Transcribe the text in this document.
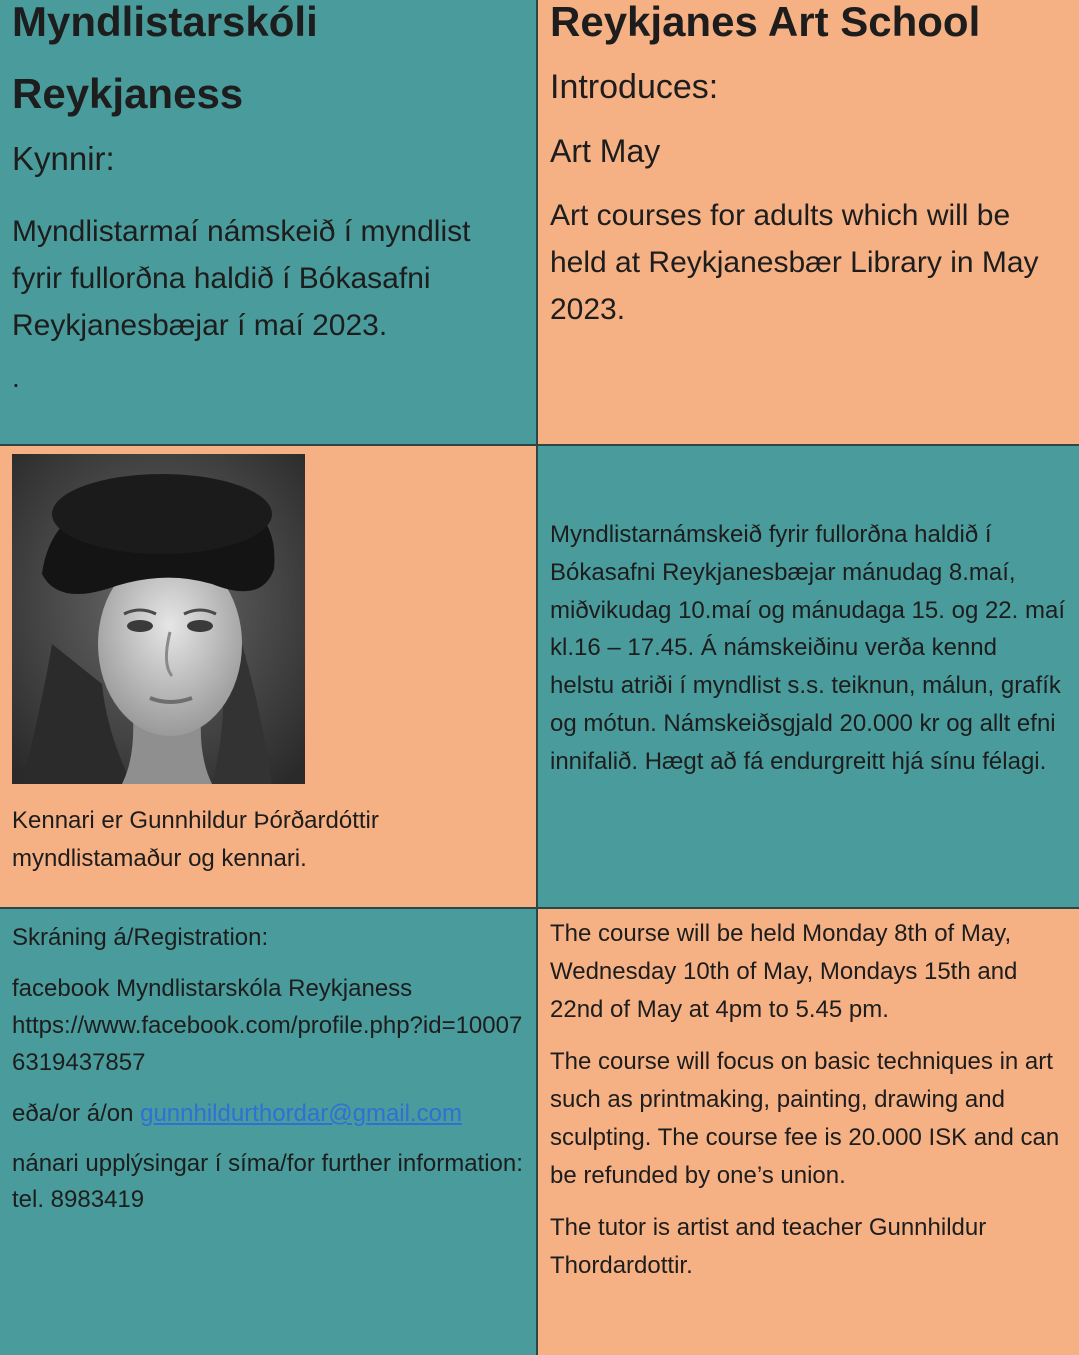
Myndlistarskóli

Reykjaness

Kynnir:

Myndlistarmaí námskeið í myndlist fyrir fullorðna haldið í Bókasafni Reykjanesbæjar í maí 2023.

.

Reykjanes Art School

Introduces:

Art May

Art courses for adults which will be held at Reykjanesbær Library in May 2023.

Kennari er Gunnhildur Þórðardóttir myndlistamaður og kennari.

Myndlistarnámskeið fyrir fullorðna haldið í Bókasafni Reykjanesbæjar mánudag 8.maí, miðvikudag 10.maí og mánudaga 15. og 22. maí kl.16 – 17.45. Á námskeiðinu verða kennd helstu atriði í myndlist s.s. teiknun, málun, grafík og mótun. Námskeiðsgjald 20.000 kr og allt efni innifalið. Hægt að fá endurgreitt hjá sínu félagi.

Skráning á/Registration:

facebook Myndlistarskóla Reykjaness

https://www.facebook.com/profile.php?id=100076319437857

eða/or á/on gunnhildurthordar@gmail.com

nánari upplýsingar í síma/for further information: tel. 8983419

The course will be held Monday 8th of May, Wednesday 10th of May, Mondays 15th and 22nd of May at 4pm to 5.45 pm.

The course will focus on basic techniques in art such as printmaking, painting, drawing and sculpting. The course fee is 20.000 ISK and can be refunded by one’s union.

The tutor is artist and teacher Gunnhildur Thordardottir.
